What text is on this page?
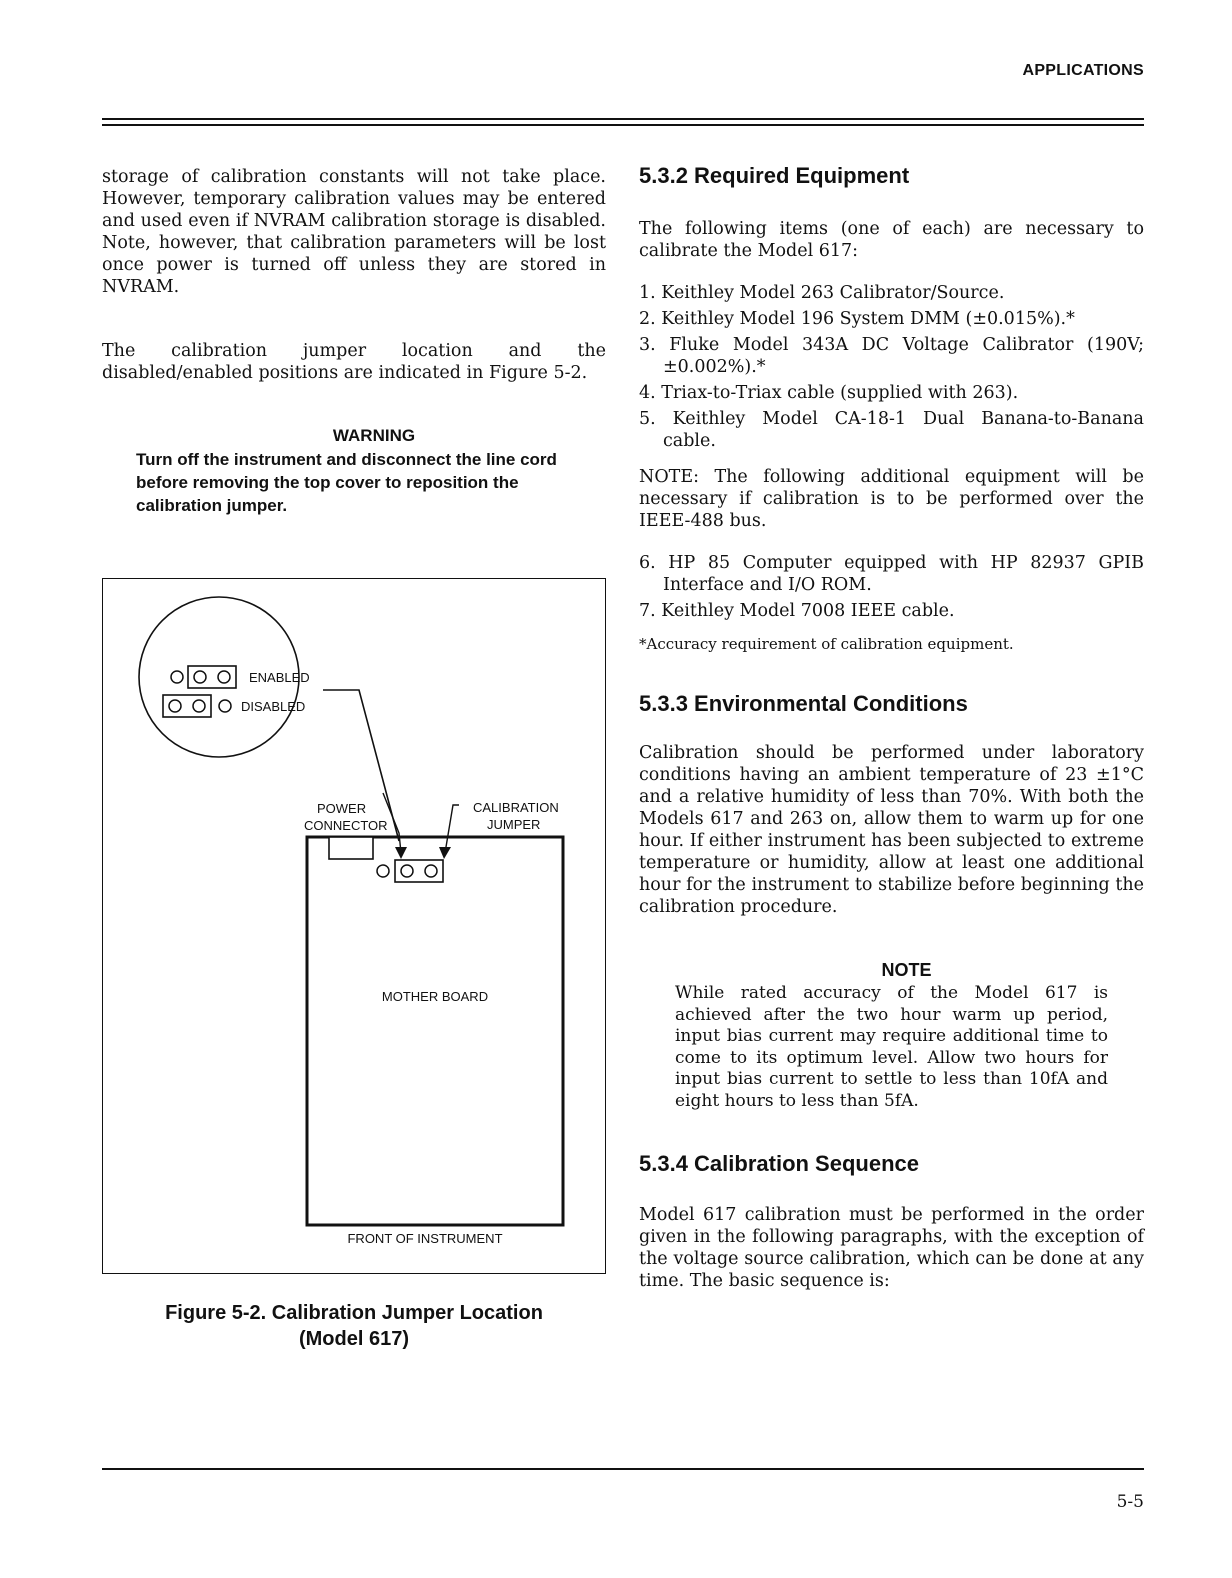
APPLICATIONS

storage of calibration constants will not take place. However, temporary calibration values may be entered and used even if NVRAM calibration storage is disabled. Note, however, that calibration parameters will be lost once power is turned off unless they are stored in NVRAM.

The calibration jumper location and the disabled/enabled positions are indicated in Figure 5-2.

WARNING

Turn off the instrument and disconnect the line cord before removing the top cover to reposition the calibration jumper.

ENABLED
DISABLED
POWER
CONNECTOR
CALIBRATION
JUMPER
MOTHER BOARD
FRONT OF INSTRUMENT
Figure 5-2. Calibration Jumper Location
(Model 617)
5.3.2 Required Equipment

The following items (one of each) are necessary to calibrate the Model 617:

1. Keithley Model 263 Calibrator/Source.
2. Keithley Model 196 System DMM (±0.015%).*
3. Fluke Model 343A DC Voltage Calibrator (190V; ±0.002%).*
4. Triax-to-Triax cable (supplied with 263).
5. Keithley Model CA-18-1 Dual Banana-to-Banana cable.

NOTE: The following additional equipment will be necessary if calibration is to be performed over the IEEE-488 bus.

6. HP 85 Computer equipped with HP 82937 GPIB Interface and I/O ROM.
7. Keithley Model 7008 IEEE cable.

*Accuracy requirement of calibration equipment.

5.3.3 Environmental Conditions

Calibration should be performed under laboratory conditions having an ambient temperature of 23 ±1°C and a relative humidity of less than 70%. With both the Models 617 and 263 on, allow them to warm up for one hour. If either instrument has been subjected to extreme temperature or humidity, allow at least one additional hour for the instrument to stabilize before beginning the calibration procedure.

NOTE

While rated accuracy of the Model 617 is achieved after the two hour warm up period, input bias current may require additional time to come to its optimum level. Allow two hours for input bias current to settle to less than 10fA and eight hours to less than 5fA.

5.3.4 Calibration Sequence

Model 617 calibration must be performed in the order given in the following paragraphs, with the exception of the voltage source calibration, which can be done at any time. The basic sequence is:

5-5
